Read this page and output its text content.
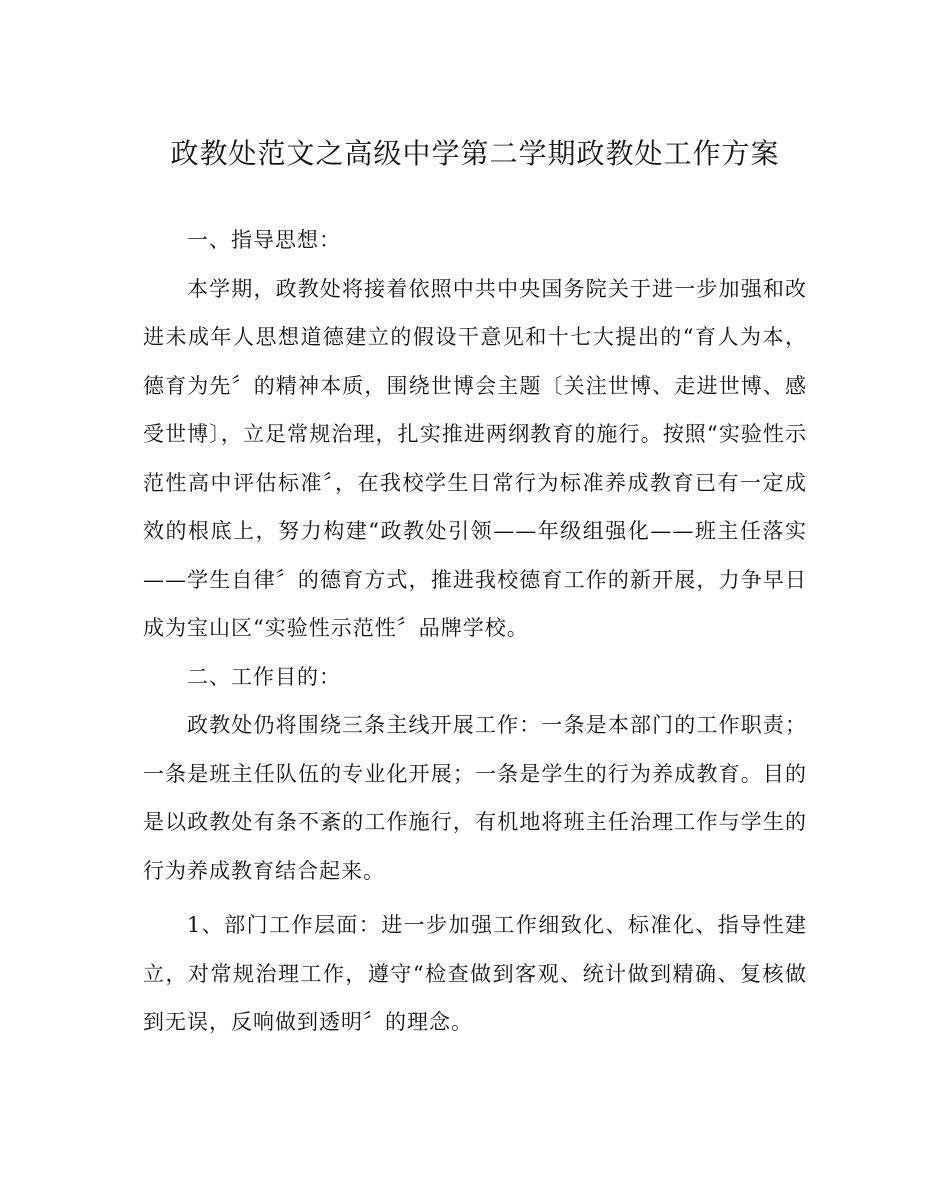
政教处范文之高级中学第二学期政教处工作方案

一、指导思想：

本学期，政教处将接着依照中共中央国务院关于进一步加强和改进未成年人思想道德建立的假设干意见和十七大提出的“育人为本，德育为先〞的精神本质，围绕世博会主题〔关注世博、走进世博、感受世博〕，立足常规治理，扎实推进两纲教育的施行。按照“实验性示范性高中评估标准〞，在我校学生日常行为标准养成教育已有一定成效的根底上，努力构建“政教处引领——年级组强化——班主任落实——学生自律〞的德育方式，推进我校德育工作的新开展，力争早日成为宝山区“实验性示范性〞品牌学校。

二、工作目的：

政教处仍将围绕三条主线开展工作：一条是本部门的工作职责；一条是班主任队伍的专业化开展；一条是学生的行为养成教育。目的是以政教处有条不紊的工作施行，有机地将班主任治理工作与学生的行为养成教育结合起来。

1、部门工作层面：进一步加强工作细致化、标准化、指导性建立，对常规治理工作，遵守“检查做到客观、统计做到精确、复核做到无误，反响做到透明〞的理念。
